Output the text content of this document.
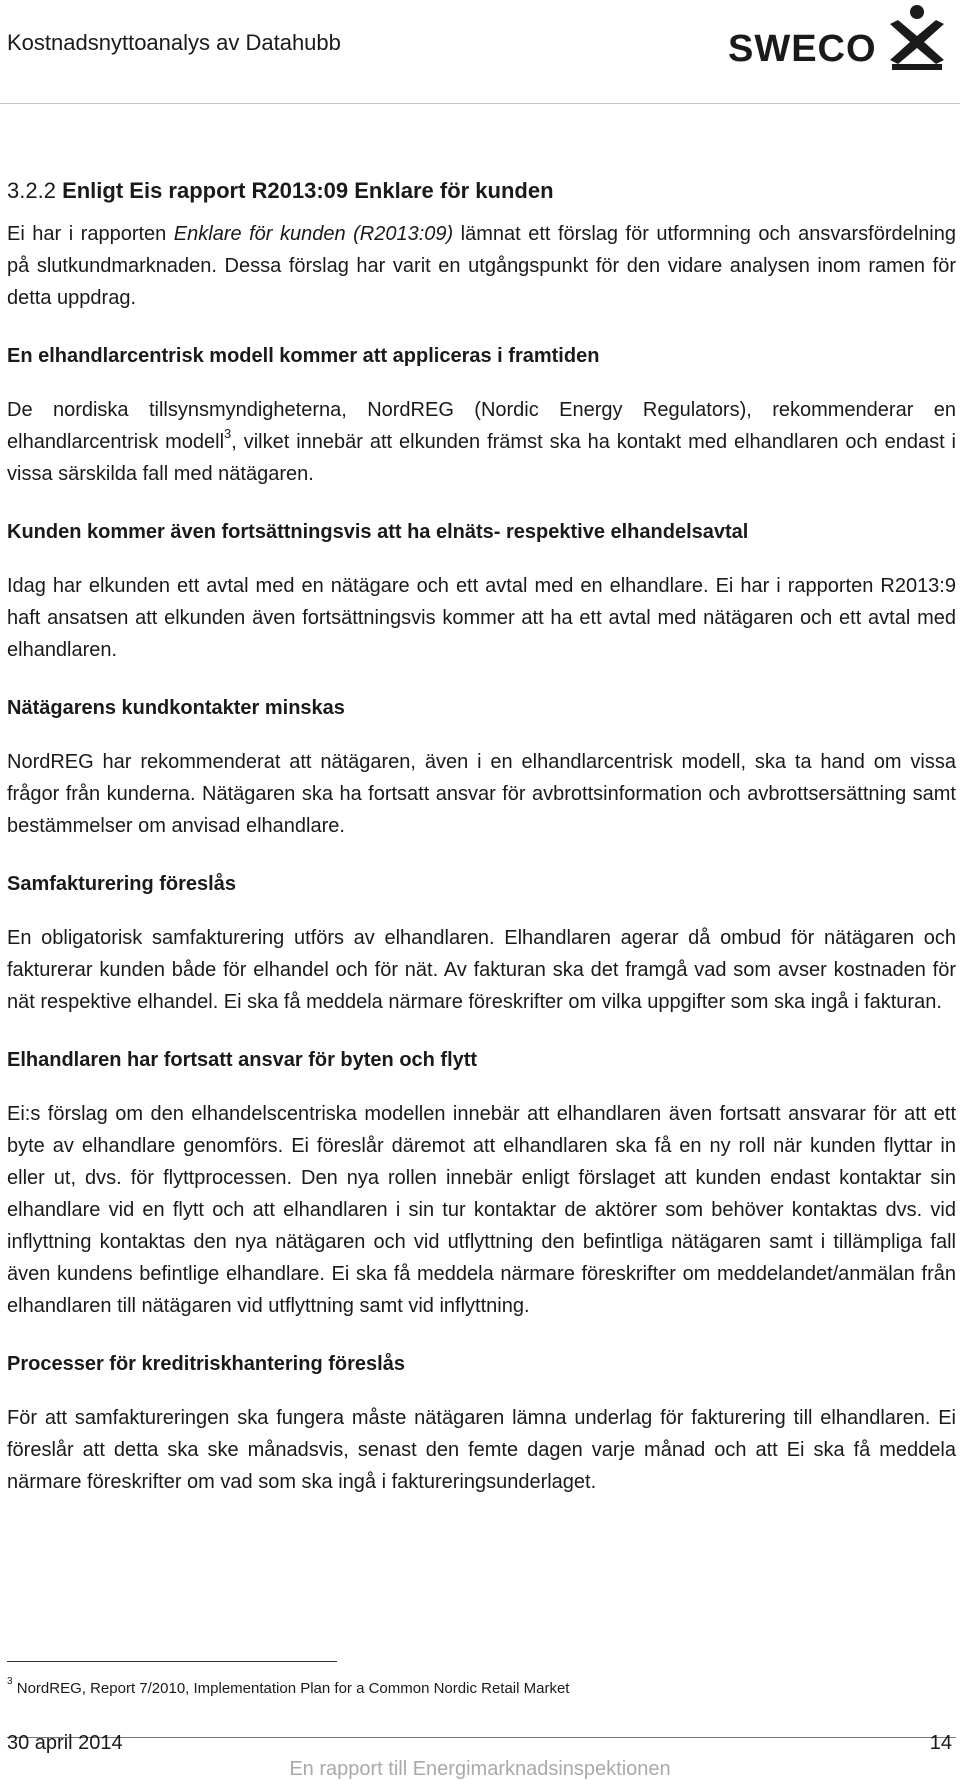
Kostnadsnyttoanalys av Datahubb	SWECO
3.2.2 Enligt Eis rapport R2013:09 Enklare för kunden

Ei har i rapporten Enklare för kunden (R2013:09) lämnat ett förslag för utformning och ansvarsfördelning på slutkundmarknaden. Dessa förslag har varit en utgångspunkt för den vidare analysen inom ramen för detta uppdrag.

En elhandlarcentrisk modell kommer att appliceras i framtiden

De nordiska tillsynsmyndigheterna, NordREG (Nordic Energy Regulators), rekommenderar en elhandlarcentrisk modell$^3$, vilket innebär att elkunden främst ska ha kontakt med elhandlaren och endast i vissa särskilda fall med nätägaren.

Kunden kommer även fortsättningsvis att ha elnäts- respektive elhandelsavtal

Idag har elkunden ett avtal med en nätägare och ett avtal med en elhandlare. Ei har i rapporten R2013:9 haft ansatsen att elkunden även fortsättningsvis kommer att ha ett avtal med nätägaren och ett avtal med elhandlaren.

Nätägarens kundkontakter minskas

NordREG har rekommenderat att nätägaren, även i en elhandlarcentrisk modell, ska ta hand om vissa frågor från kunderna. Nätägaren ska ha fortsatt ansvar för avbrottsinformation och avbrottsersättning samt bestämmelser om anvisad elhandlare.

Samfakturering föreslås

En obligatorisk samfakturering utförs av elhandlaren. Elhandlaren agerar då ombud för nätägaren och fakturerar kunden både för elhandel och för nät. Av fakturan ska det framgå vad som avser kostnaden för nät respektive elhandel. Ei ska få meddela närmare föreskrifter om vilka uppgifter som ska ingå i fakturan.

Elhandlaren har fortsatt ansvar för byten och flytt

Ei:s förslag om den elhandelscentriska modellen innebär att elhandlaren även fortsatt ansvarar för att ett byte av elhandlare genomförs. Ei föreslår däremot att elhandlaren ska få en ny roll när kunden flyttar in eller ut, dvs. för flyttprocessen. Den nya rollen innebär enligt förslaget att kunden endast kontaktar sin elhandlare vid en flytt och att elhandlaren i sin tur kontaktar de aktörer som behöver kontaktas dvs. vid inflyttning kontaktas den nya nätägaren och vid utflyttning den befintliga nätägaren samt i tillämpliga fall även kundens befintlige elhandlare. Ei ska få meddela närmare föreskrifter om meddelandet/anmälan från elhandlaren till nätägaren vid utflyttning samt vid inflyttning.

Processer för kreditriskhantering föreslås

För att samfaktureringen ska fungera måste nätägaren lämna underlag för fakturering till elhandlaren. Ei föreslår att detta ska ske månadsvis, senast den femte dagen varje månad och att Ei ska få meddela närmare föreskrifter om vad som ska ingå i faktureringsunderlaget.

$^3$ NordREG, Report 7/2010, Implementation Plan for a Common Nordic Retail Market
30 april 2014	14
En rapport till Energimarknadsinspektionen
